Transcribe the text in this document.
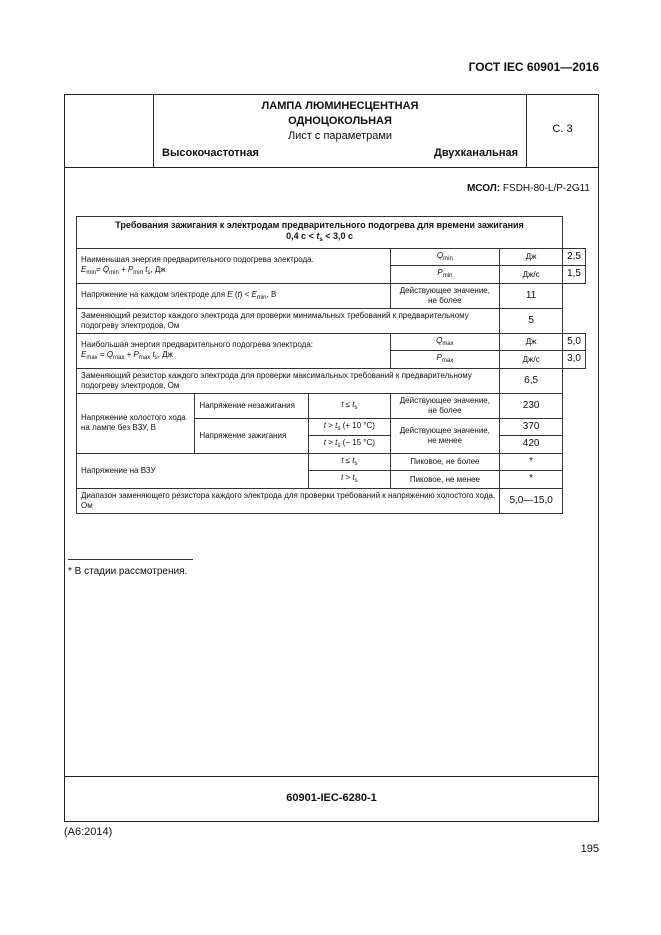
ГОСТ IEC 60901—2016
ЛАМПА ЛЮМИНЕСЦЕНТНАЯ
ОДНОЦОКОЛЬНАЯ
Лист с параметрами
Высокочастотная	Двухканальная
С. 3
МСОЛ: FSDH-80-L/P-2G11
60901-IEC-6280-1
Требования зажигания к электродам предварительного подогрева для времени зажигания
0,4 $с < t_s < 3,0$ с					

Наименьшая энергия предварительного подогрева электрода.
$E_{min}= Q_{min} + P_{min}$ $t_s$, Дж			$Q_{min}$	Дж	2,5
			$P_{min}$	Дж/с	1,5
Напряжение на каждом электроде для E $(t) < E_{min}$, В			Действующее значение, не более	11	
Заменяющий резистор каждого электрода для проверки минимальных требований к предварительному подогреву электродов, Ом				5	

Наибольшая энергия предварительного подогрева электрода:
$E_{max} = Q_{max} + P_{max}$ $t_s$, Дж			$Q_{max}$	Дж	5,0
			$P_{max}$	Дж/с	3,0
Заменяющий резистор каждого электрода для проверки максимальных требований к предварительному подогреву электродов, Ом				6,5	
Напряжение холостого хода на лампе без ВЗУ, В	Напряжение незажигания	$t \le t_s$	Действующее значение, не более	230	
	Напряжение зажигания	$t > t_s$ (+ 10 °С)	Действующее значение, не менее	370	
		$t > t_s$ (− 15 °С)		420	
Напряжение на ВЗУ		$t \le t_s$	Пиковое, не более	*	
		$t > t_s$	Пиковое, не менее	*	
Диапазон заменяющего резистора каждого электрода для проверки требований к напряжению холостого хода, Ом				5,0—15,0	
* В стадии рассмотрения.
(А6:2014)
195
